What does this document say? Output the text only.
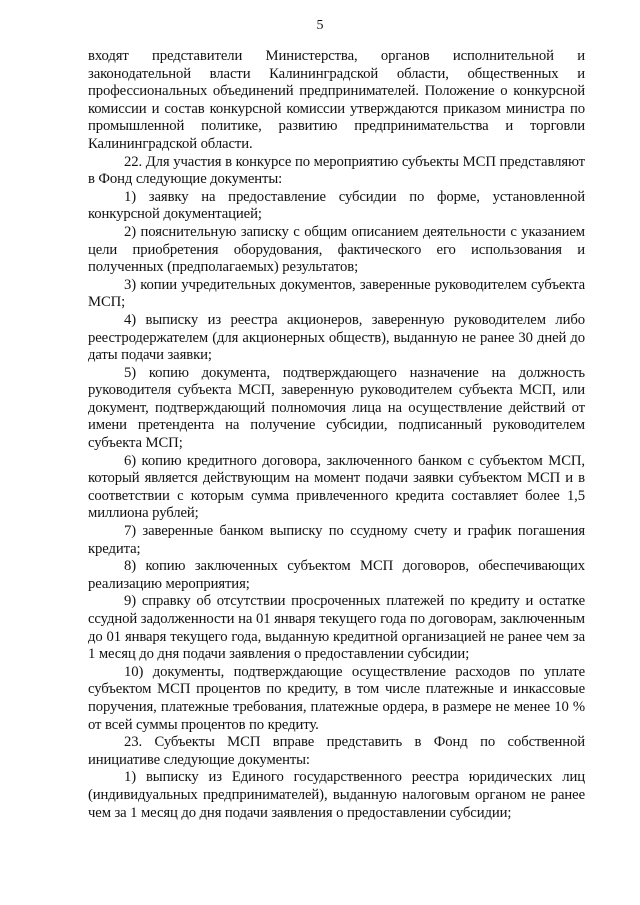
5

входят представители Министерства, органов исполнительной и законодательной власти Калининградской области, общественных и профессиональных объединений предпринимателей. Положение о конкурсной комиссии и состав конкурсной комиссии утверждаются приказом министра по промышленной политике, развитию предпринимательства и торговли Калининградской области.

22. Для участия в конкурсе по мероприятию субъекты МСП представляют в Фонд следующие документы:

1) заявку на предоставление субсидии по форме, установленной конкурсной документацией;

2) пояснительную записку с общим описанием деятельности с указанием цели приобретения оборудования, фактического его использования и полученных (предполагаемых) результатов;

3) копии учредительных документов, заверенные руководителем субъекта МСП;

4) выписку из реестра акционеров, заверенную руководителем либо реестродержателем (для акционерных обществ), выданную не ранее 30 дней до даты подачи заявки;

5) копию документа, подтверждающего назначение на должность руководителя субъекта МСП, заверенную руководителем субъекта МСП, или документ, подтверждающий полномочия лица на осуществление действий от имени претендента на получение субсидии, подписанный руководителем субъекта МСП;

6) копию кредитного договора, заключенного банком с субъектом МСП, который является действующим на момент подачи заявки субъектом МСП и в соответствии с которым сумма привлеченного кредита составляет более 1,5 миллиона рублей;

7) заверенные банком выписку по ссудному счету и график погашения кредита;

8) копию заключенных субъектом МСП договоров, обеспечивающих реализацию мероприятия;

9) справку об отсутствии просроченных платежей по кредиту и остатке ссудной задолженности на 01 января текущего года по договорам, заключенным до 01 января текущего года, выданную кредитной организацией не ранее чем за 1 месяц до дня подачи заявления о предоставлении субсидии;

10) документы, подтверждающие осуществление расходов по уплате субъектом МСП процентов по кредиту, в том числе платежные и инкассовые поручения, платежные требования, платежные ордера, в размере не менее 10 % от всей суммы процентов по кредиту.

23. Субъекты МСП вправе представить в Фонд по собственной инициативе следующие документы:

1) выписку из Единого государственного реестра юридических лиц (индивидуальных предпринимателей), выданную налоговым органом не ранее чем за 1 месяц до дня подачи заявления о предоставлении субсидии;
